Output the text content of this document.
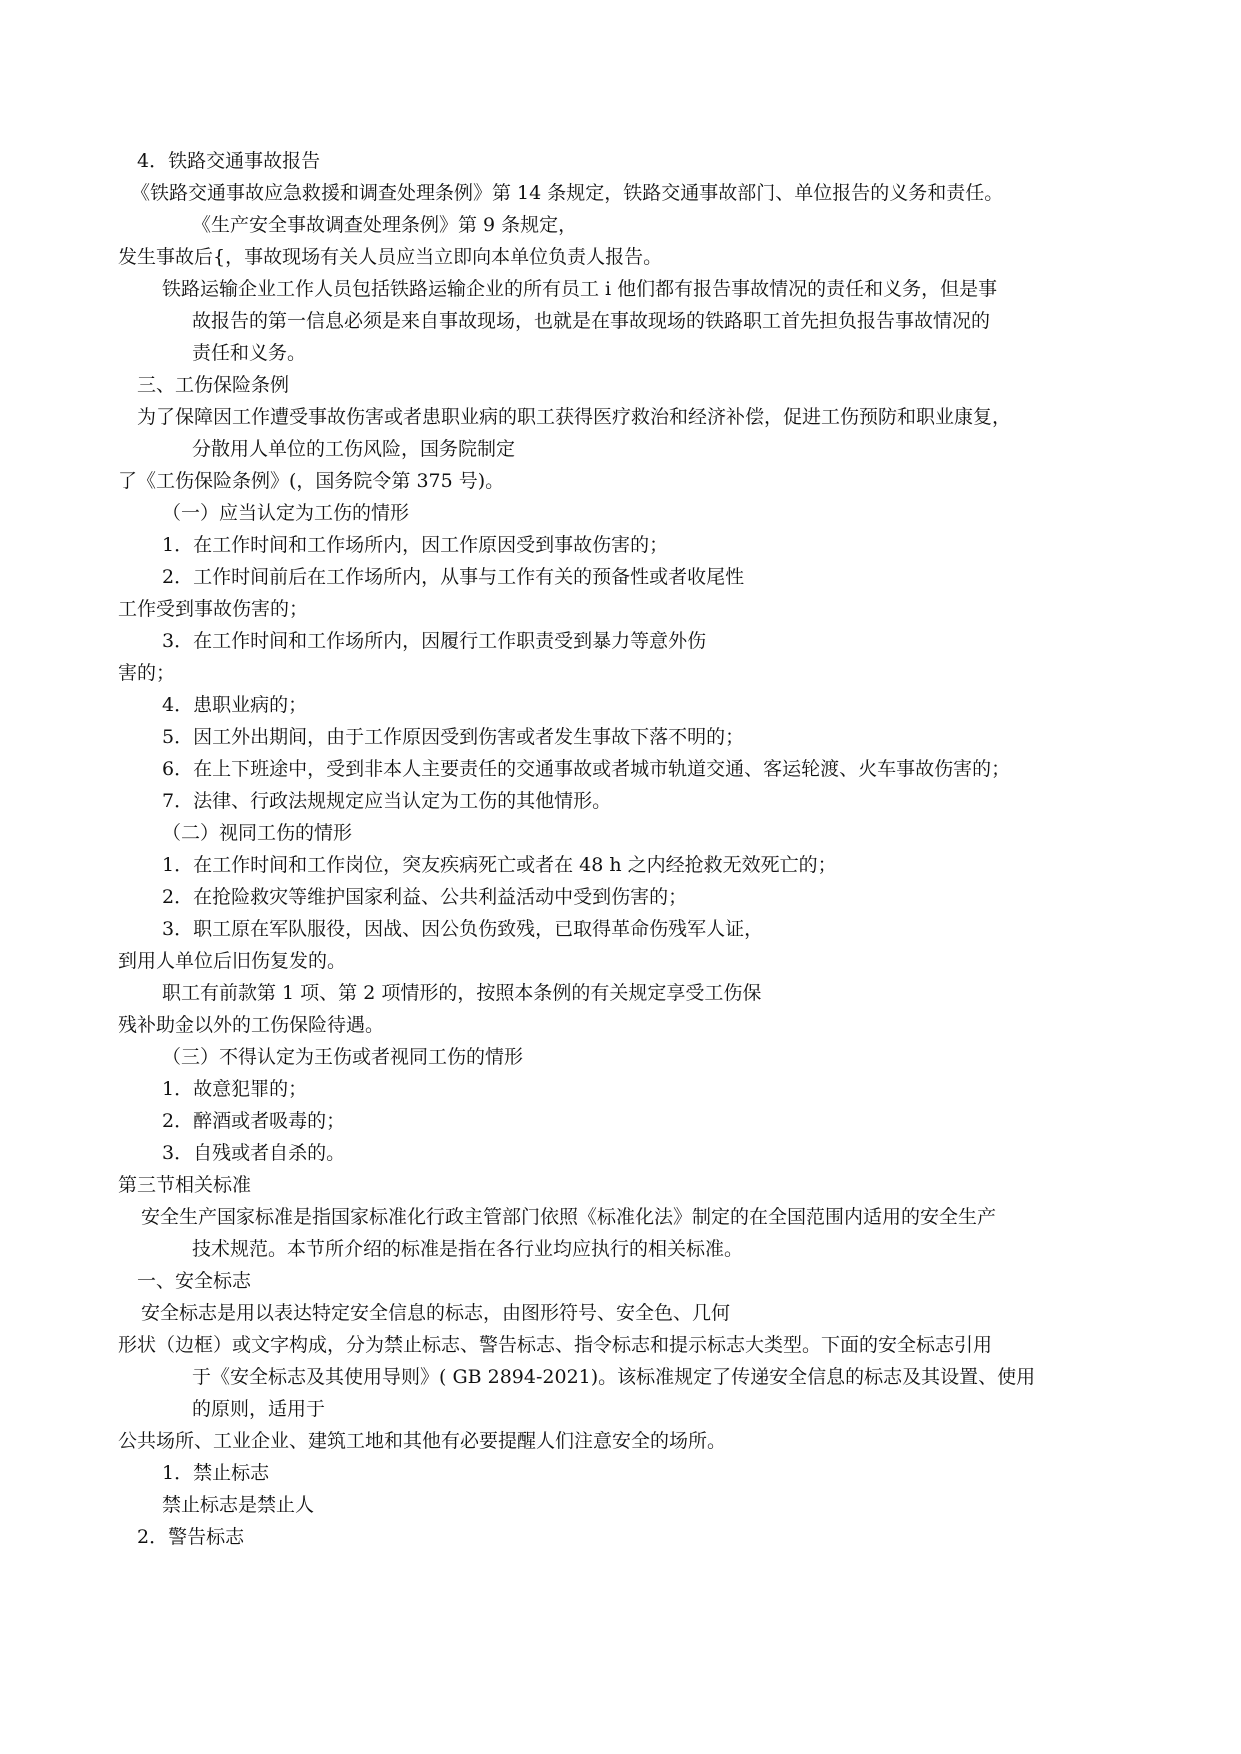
4．铁路交通事故报告

《铁路交通事故应急救援和调查处理条例》第 14 条规定，铁路交通事故部门、单位报告的义务和责任。

《生产安全事故调查处理条例》第 9 条规定，

发生事故后{，事故现场有关人员应当立即向本单位负责人报告。

铁路运输企业工作人员包括铁路运输企业的所有员工 i 他们都有报告事故情况的责任和义务，但是事

故报告的第一信息必须是来自事故现场，也就是在事故现场的铁路职工首先担负报告事故情况的

责任和义务。

三、工伤保险条例

为了保障因工作遭受事故伤害或者患职业病的职工获得医疗救治和经济补偿，促进工伤预防和职业康复，

分散用人单位的工伤风险，国务院制定

了《工伤保险条例》(，国务院令第 375 号)。

（一）应当认定为工伤的情形

1．在工作时间和工作场所内，因工作原因受到事故伤害的；

2．工作时间前后在工作场所内，从事与工作有关的预备性或者收尾性

工作受到事故伤害的；

3．在工作时间和工作场所内，因履行工作职责受到暴力等意外伤

害的；

4．患职业病的；

5．因工外出期间，由于工作原因受到伤害或者发生事故下落不明的；

6．在上下班途中，受到非本人主要责任的交通事故或者城市轨道交通、客运轮渡、火车事故伤害的；

7．法律、行政法规规定应当认定为工伤的其他情形。

（二）视同工伤的情形

1．在工作时间和工作岗位，突友疾病死亡或者在 48 h 之内经抢救无效死亡的；

2．在抢险救灾等维护国家利益、公共利益活动中受到伤害的；

3．职工原在军队服役，因战、因公负伤致残，已取得革命伤残军人证，

到用人单位后旧伤复发的。

职工有前款第 1 项、第 2 项情形的，按照本条例的有关规定享受工伤保

残补助金以外的工伤保险待遇。

（三）不得认定为王伤或者视同工伤的情形

1．故意犯罪的；

2．醉酒或者吸毒的；

3．自残或者自杀的。

第三节相关标准

安全生产国家标准是指国家标准化行政主管部门依照《标准化法》制定的在全国范围内适用的安全生产

技术规范。本节所介绍的标准是指在各行业均应执行的相关标准。

一、安全标志

安全标志是用以表达特定安全信息的标志，由图形符号、安全色、几何

形状（边框）或文字构成，分为禁止标志、警告标志、指令标志和提示标志大类型。下面的安全标志引用

于《安全标志及其使用导则》( GB 2894-2021)。该标准规定了传递安全信息的标志及其设置、使用

的原则，适用于

公共场所、工业企业、建筑工地和其他有必要提醒人们注意安全的场所。

1．禁止标志

禁止标志是禁止人

2．警告标志
